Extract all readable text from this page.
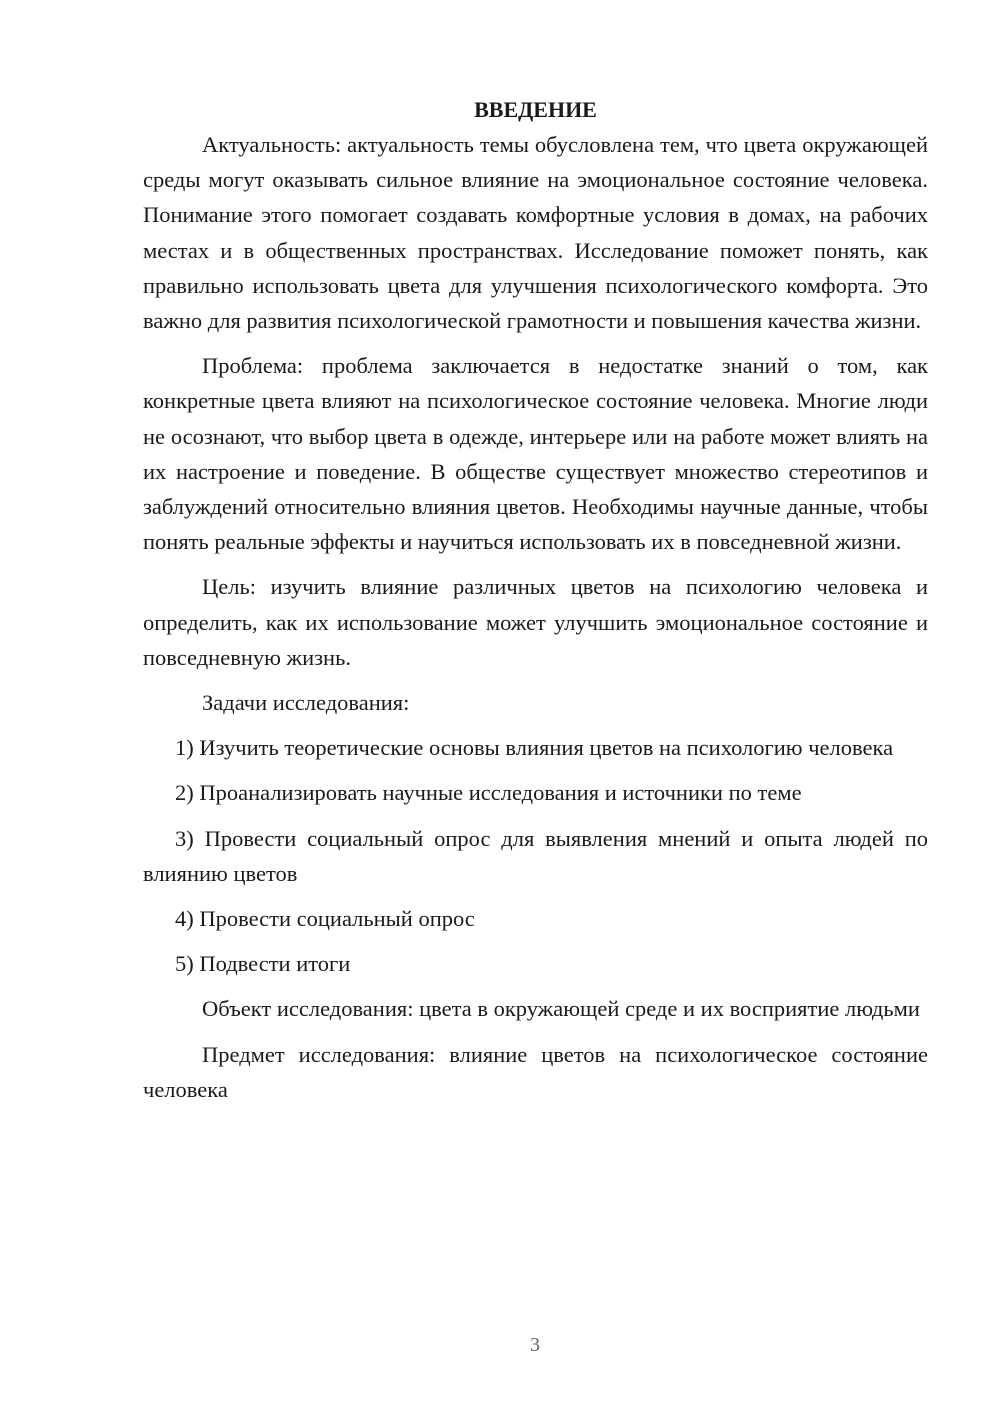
ВВЕДЕНИЕ

Актуальность: актуальность темы обусловлена тем, что цвета окружающей среды могут оказывать сильное влияние на эмоциональное состояние человека. Понимание этого помогает создавать комфортные условия в домах, на рабочих местах и в общественных пространствах. Исследование поможет понять, как правильно использовать цвета для улучшения психологического комфорта. Это важно для развития психологической грамотности и повышения качества жизни.

Проблема: проблема заключается в недостатке знаний о том, как конкретные цвета влияют на психологическое состояние человека. Многие люди не осознают, что выбор цвета в одежде, интерьере или на работе может влиять на их настроение и поведение. В обществе существует множество стереотипов и заблуждений относительно влияния цветов. Необходимы научные данные, чтобы понять реальные эффекты и научиться использовать их в повседневной жизни.

Цель: изучить влияние различных цветов на психологию человека и определить, как их использование может улучшить эмоциональное состояние и повседневную жизнь.

Задачи исследования:

1) Изучить теоретические основы влияния цветов на психологию человека

2) Проанализировать научные исследования и источники по теме

3) Провести социальный опрос для выявления мнений и опыта людей по влиянию цветов

4) Провести социальный опрос

5) Подвести итоги

Объект исследования: цвета в окружающей среде и их восприятие людьми

Предмет исследования: влияние цветов на психологическое состояние человека

3
